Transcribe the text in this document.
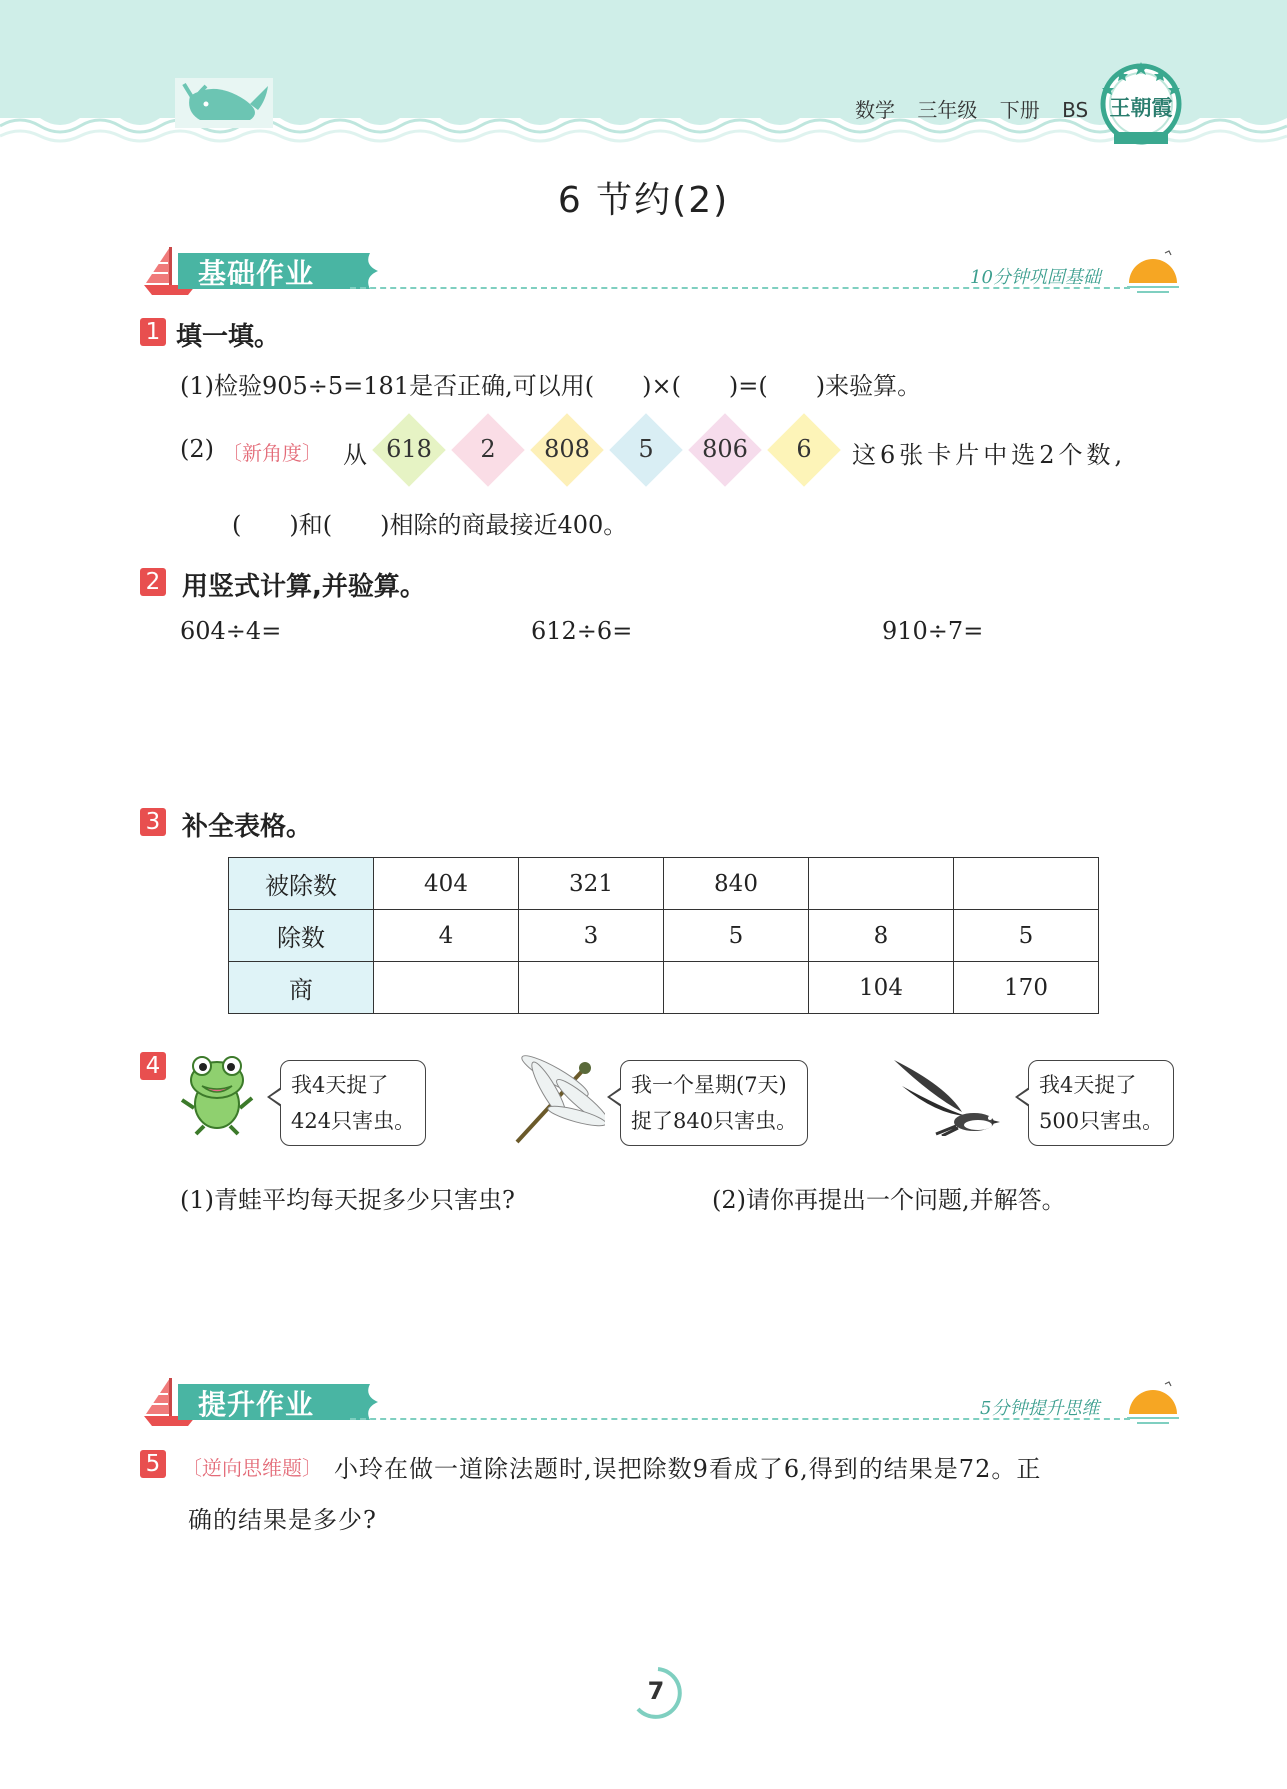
数学 三年级 下册 BS	王朝霞
6 节约(2)
基础作业	10分钟巩固基础
1 填一填。
(1)检验905÷5=181是否正确,可以用(　　)×(　　)=(　　)来验算。
(2) 〔新角度〕 从 618	2	808	5	806	6	这6张卡片中选2个数,
(　　)和(　　)相除的商最接近400。
2 用竖式计算,并验算。
604÷4=	612÷6=	910÷7=
3 补全表格。
被除数	404	321	840		
除数	4	3	5	8	5
商				104	170
4
我4天捉了
424只害虫。
我一个星期(7天)
捉了840只害虫。
我4天捉了
500只害虫。
(1)青蛙平均每天捉多少只害虫?	(2)请你再提出一个问题,并解答。
提升作业	5分钟提升思维
5 〔逆向思维题〕 小玲在做一道除法题时,误把除数9看成了6,得到的结果是72。正
确的结果是多少?
7
